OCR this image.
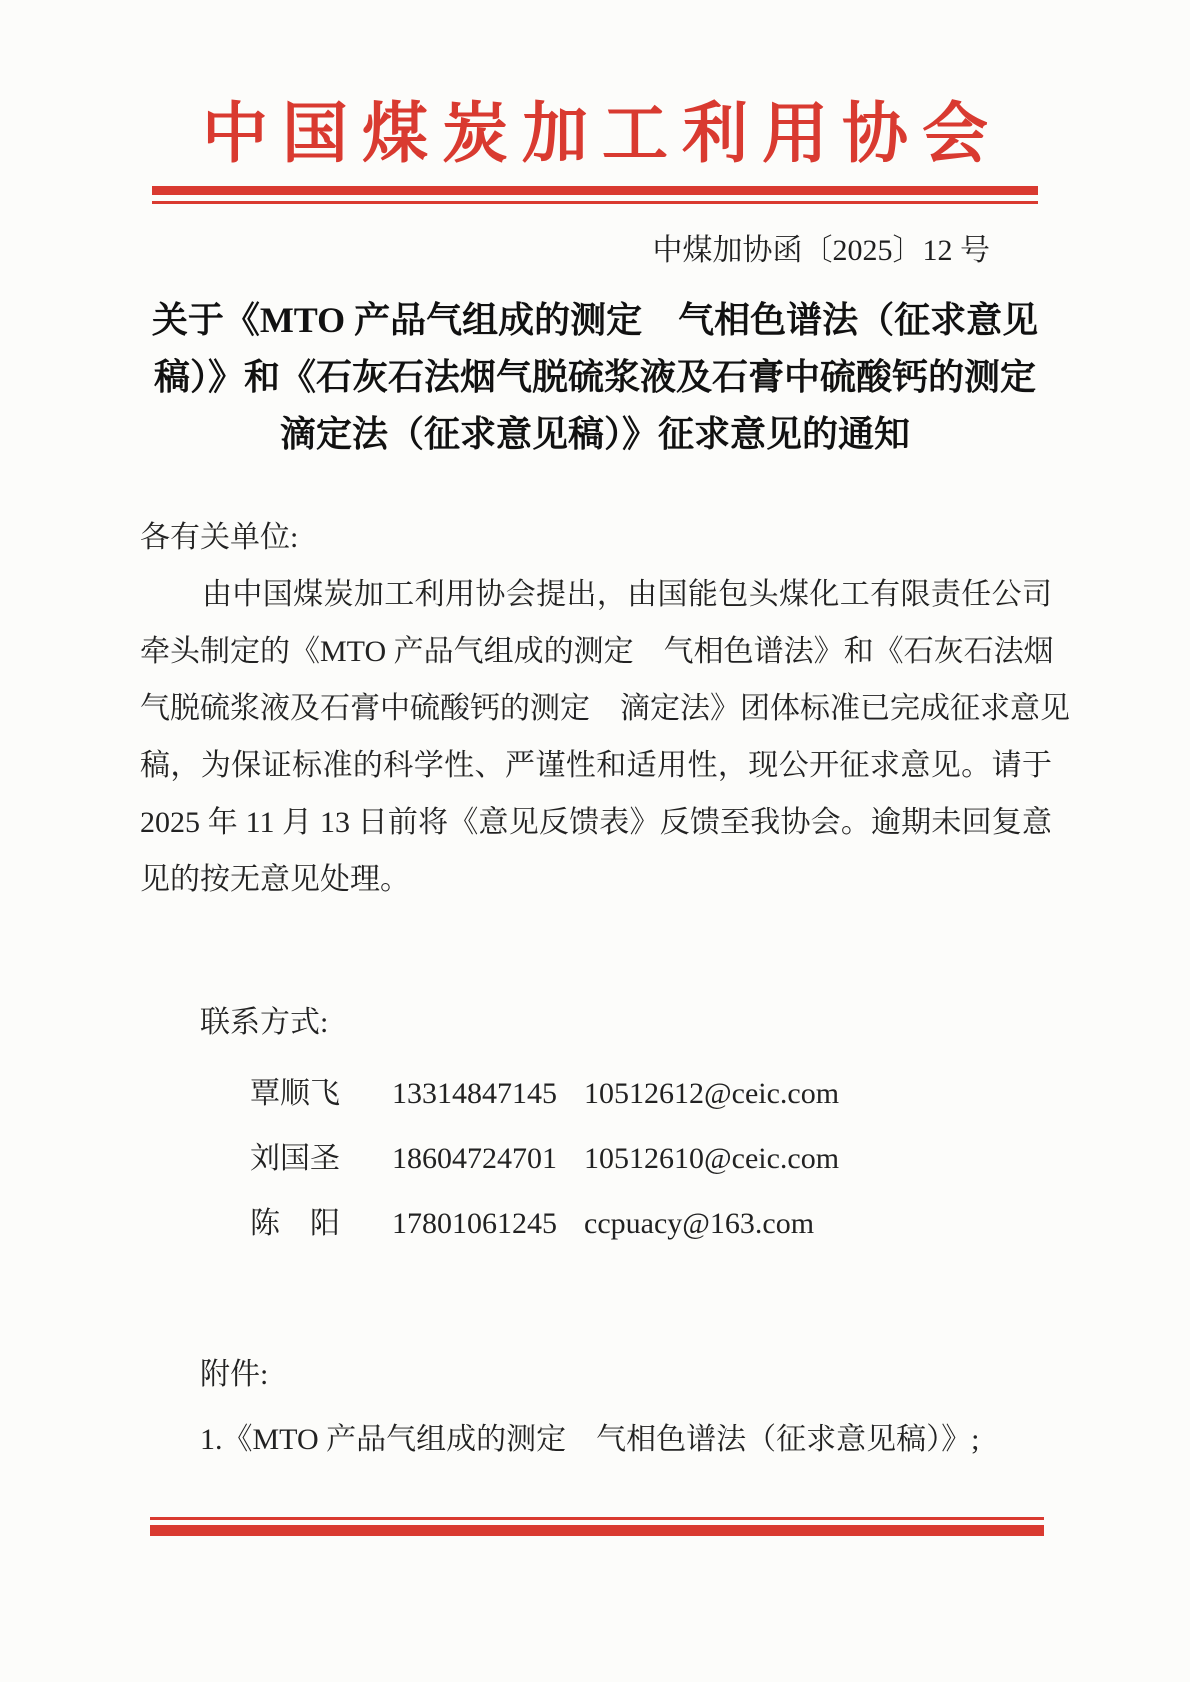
中国煤炭加工利用协会
中煤加协函〔2025〕12 号
关于《MTO 产品气组成的测定　气相色谱法（征求意见
稿）》和《石灰石法烟气脱硫浆液及石膏中硫酸钙的测定
滴定法（征求意见稿）》征求意见的通知
各有关单位:
由中国煤炭加工利用协会提出，由国能包头煤化工有限责任公司
牵头制定的《MTO 产品气组成的测定　气相色谱法》和《石灰石法烟
气脱硫浆液及石膏中硫酸钙的测定　滴定法》团体标准已完成征求意见
稿，为保证标准的科学性、严谨性和适用性，现公开征求意见。请于
2025 年 11 月 13 日前将《意见反馈表》反馈至我协会。逾期未回复意
见的按无意见处理。
联系方式:
覃顺飞	13314847145 10512612@ceic.com
刘国圣	18604724701 10512610@ceic.com
陈　阳	17801061245 ccpuacy@163.com
附件:
1.《MTO 产品气组成的测定　气相色谱法（征求意见稿）》;
